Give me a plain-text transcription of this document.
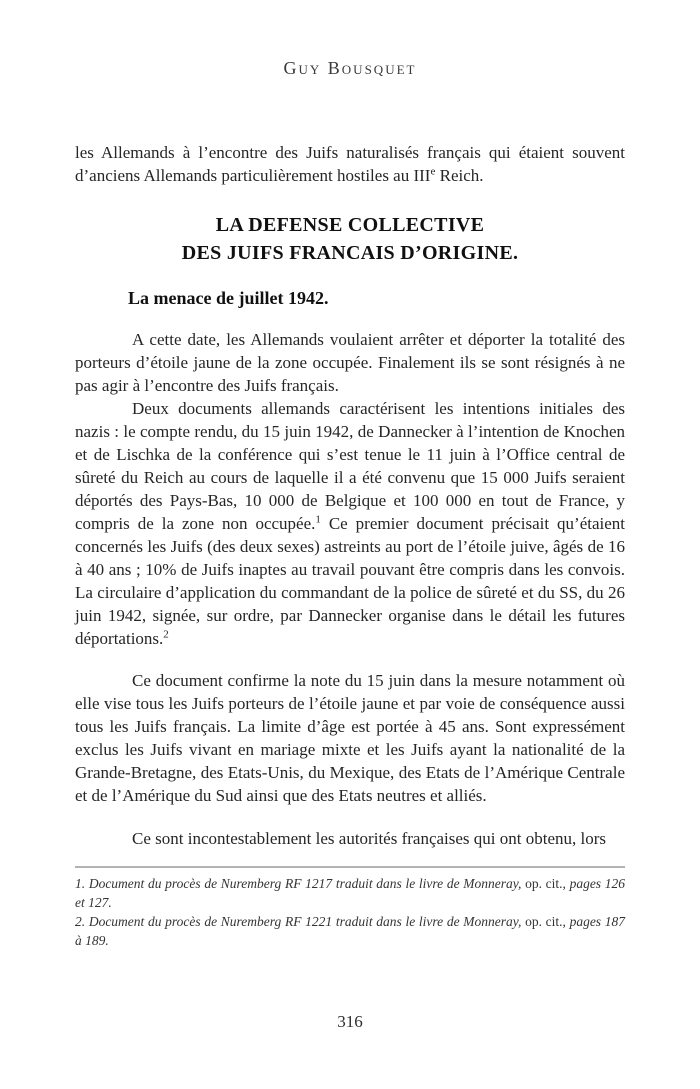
Guy Bousquet

les Allemands à l’encontre des Juifs naturalisés français qui étaient souvent d’anciens Allemands particulièrement hostiles au IIIe Reich.

LA DEFENSE COLLECTIVE
DES JUIFS FRANCAIS D’ORIGINE.
La menace de juillet 1942.

A cette date, les Allemands voulaient arrêter et déporter la totalité des porteurs d’étoile jaune de la zone occupée. Finalement ils se sont résignés à ne pas agir à l’encontre des Juifs français.

Deux documents allemands caractérisent les intentions initiales des nazis : le compte rendu, du 15 juin 1942, de Dannecker à l’intention de Knochen et de Lischka de la conférence qui s’est tenue le 11 juin à l’Office central de sûreté du Reich au cours de laquelle il a été convenu que 15 000 Juifs seraient déportés des Pays-Bas, 10 000 de Belgique et 100 000 en tout de France, y compris de la zone non occupée.$^1$ Ce premier document précisait qu’étaient concernés les Juifs (des deux sexes) astreints au port de l’étoile juive, âgés de 16 à 40 ans ; 10% de Juifs inaptes au travail pouvant être compris dans les convois. La circulaire d’application du commandant de la police de sûreté et du SS, du 26 juin 1942, signée, sur ordre, par Dannecker organise dans le détail les futures déportations.$^2$

Ce document confirme la note du 15 juin dans la mesure notamment où elle vise tous les Juifs porteurs de l’étoile jaune et par voie de conséquence aussi tous les Juifs français. La limite d’âge est portée à 45 ans. Sont expressément exclus les Juifs vivant en mariage mixte et les Juifs ayant la nationalité de la Grande-Bretagne, des Etats-Unis, du Mexique, des Etats de l’Amérique Centrale et de l’Amérique du Sud ainsi que des Etats neutres et alliés.

Ce sont incontestablement les autorités françaises qui ont obtenu, lors

1. Document du procès de Nuremberg RF 1217 traduit dans le livre de Monneray, op. cit., pages 126 et 127.

2. Document du procès de Nuremberg RF 1221 traduit dans le livre de Monneray, op. cit., pages 187 à 189.

316
